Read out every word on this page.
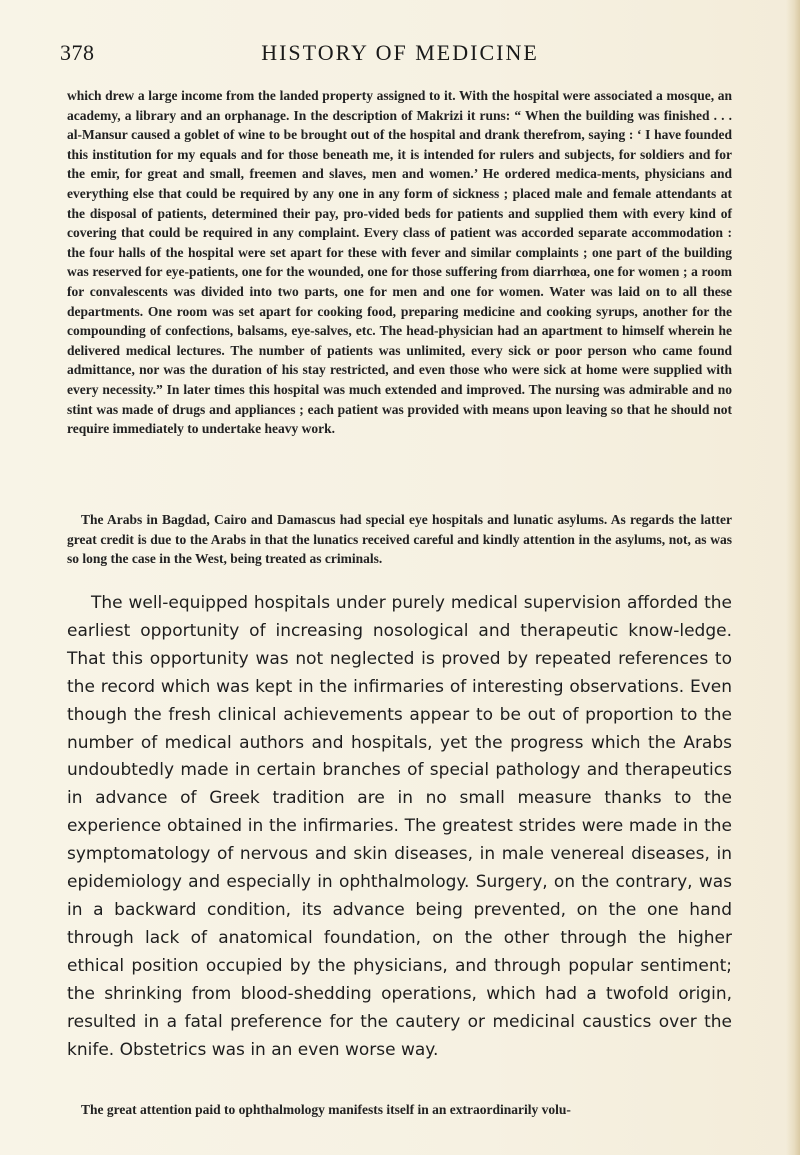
378	HISTORY OF MEDICINE

which drew a large income from the landed property assigned to it. With the hospital were associated a mosque, an academy, a library and an orphanage. In the description of Makrizi it runs: “ When the building was finished . . . al-Mansur caused a goblet of wine to be brought out of the hospital and drank therefrom, saying : ‘ I have founded this institution for my equals and for those beneath me, it is intended for rulers and subjects, for soldiers and for the emir, for great and small, freemen and slaves, men and women.’ He ordered medica-ments, physicians and everything else that could be required by any one in any form of sickness ; placed male and female attendants at the disposal of patients, determined their pay, pro-vided beds for patients and supplied them with every kind of covering that could be required in any complaint. Every class of patient was accorded separate accommodation : the four halls of the hospital were set apart for these with fever and similar complaints ; one part of the building was reserved for eye-patients, one for the wounded, one for those suffering from diarrhœa, one for women ; a room for convalescents was divided into two parts, one for men and one for women. Water was laid on to all these departments. One room was set apart for cooking food, preparing medicine and cooking syrups, another for the compounding of confections, balsams, eye-salves, etc. The head-physician had an apartment to himself wherein he delivered medical lectures. The number of patients was unlimited, every sick or poor person who came found admittance, nor was the duration of his stay restricted, and even those who were sick at home were supplied with every necessity.” In later times this hospital was much extended and improved. The nursing was admirable and no stint was made of drugs and appliances ; each patient was provided with means upon leaving so that he should not require immediately to undertake heavy work.

The Arabs in Bagdad, Cairo and Damascus had special eye hospitals and lunatic asylums. As regards the latter great credit is due to the Arabs in that the lunatics received careful and kindly attention in the asylums, not, as was so long the case in the West, being treated as criminals.

The well-equipped hospitals under purely medical supervision afforded the earliest opportunity of increasing nosological and therapeutic know-ledge. That this opportunity was not neglected is proved by repeated references to the record which was kept in the infirmaries of interesting observations. Even though the fresh clinical achievements appear to be out of proportion to the number of medical authors and hospitals, yet the progress which the Arabs undoubtedly made in certain branches of special pathology and therapeutics in advance of Greek tradition are in no small measure thanks to the experience obtained in the infirmaries. The greatest strides were made in the symptomatology of nervous and skin diseases, in male venereal diseases, in epidemiology and especially in ophthalmology. Surgery, on the contrary, was in a backward condition, its advance being prevented, on the one hand through lack of anatomical foundation, on the other through the higher ethical position occupied by the physicians, and through popular sentiment; the shrinking from blood-shedding operations, which had a twofold origin, resulted in a fatal preference for the cautery or medicinal caustics over the knife. Obstetrics was in an even worse way.

The great attention paid to ophthalmology manifests itself in an extraordinarily volu-
